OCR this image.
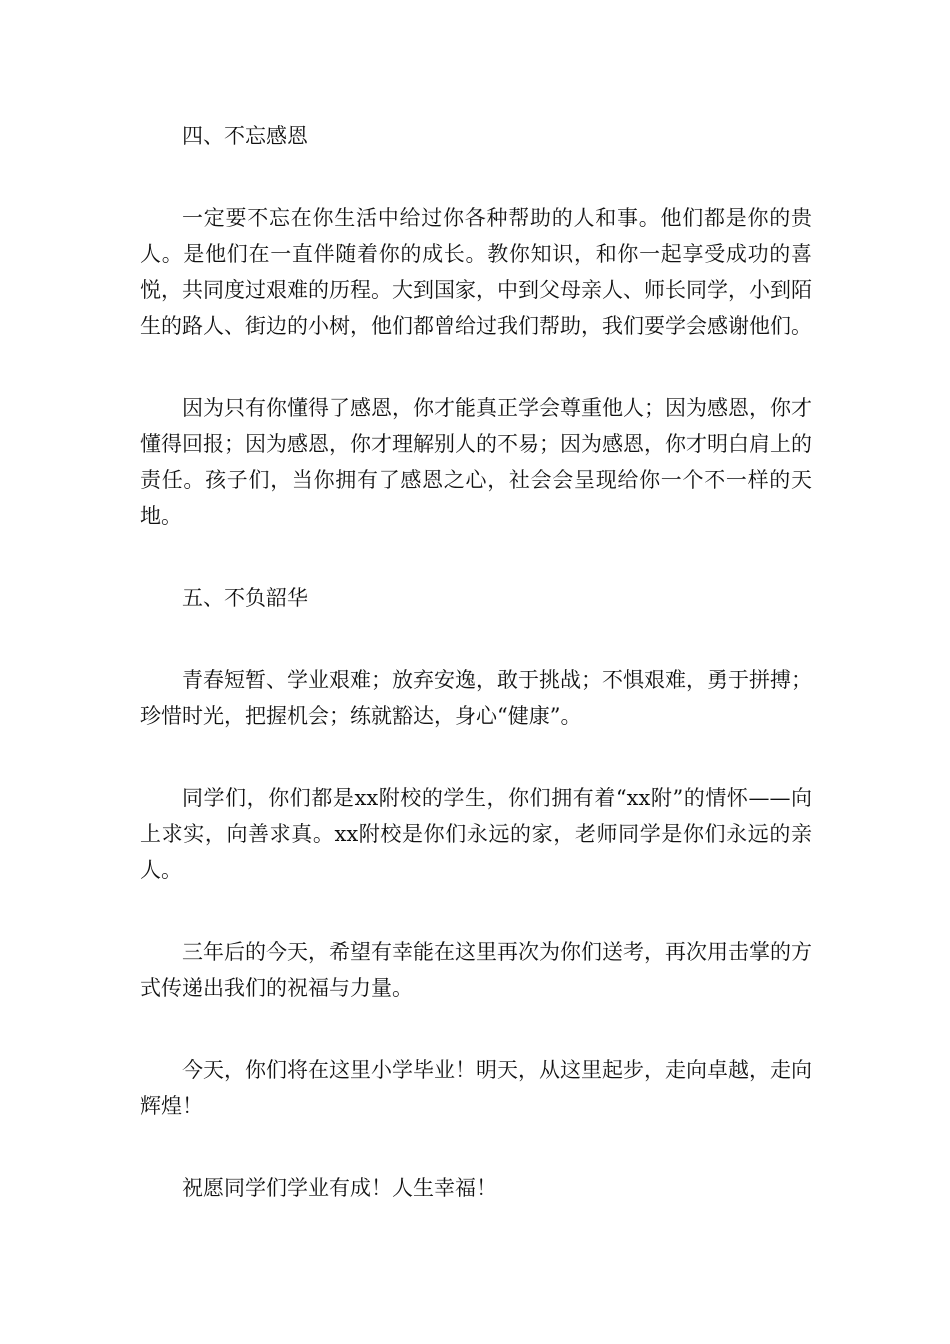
四、不忘感恩

一定要不忘在你生活中给过你各种帮助的人和事。他们都是你的贵人。是他们在一直伴随着你的成长。教你知识，和你一起享受成功的喜悦，共同度过艰难的历程。大到国家，中到父母亲人、师长同学，小到陌生的路人、街边的小树，他们都曾给过我们帮助，我们要学会感谢他们。

因为只有你懂得了感恩，你才能真正学会尊重他人；因为感恩，你才懂得回报；因为感恩，你才理解别人的不易；因为感恩，你才明白肩上的责任。孩子们，当你拥有了感恩之心，社会会呈现给你一个不一样的天地。

五、不负韶华

青春短暂、学业艰难；放弃安逸，敢于挑战；不惧艰难，勇于拼搏；珍惜时光，把握机会；练就豁达，身心“健康”。

同学们，你们都是xx附校的学生，你们拥有着“xx附”的情怀——向上求实，向善求真。xx附校是你们永远的家，老师同学是你们永远的亲人。

三年后的今天，希望有幸能在这里再次为你们送考，再次用击掌的方式传递出我们的祝福与力量。

今天，你们将在这里小学毕业！明天，从这里起步，走向卓越，走向辉煌！

祝愿同学们学业有成！人生幸福！
